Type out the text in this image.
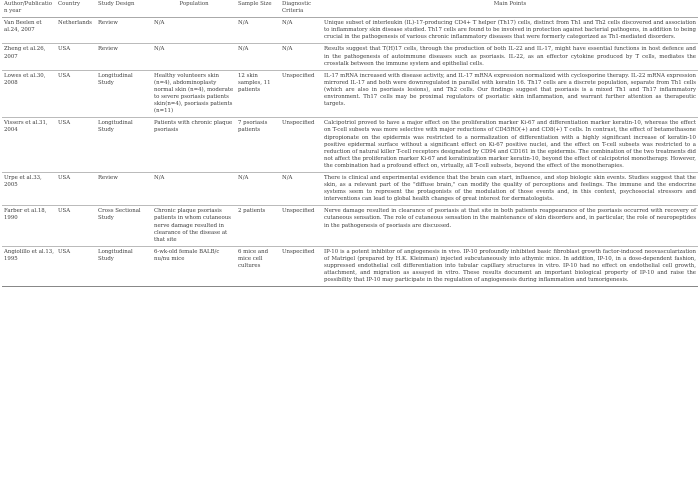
Author/Publication year	Country	Study Design	Population	Sample Size	Diagnostic Criteria	Main Points
Van Beelen et al.24, 2007	Netherlands	Review	N/A	N/A	N/A	Unique subset of interleukin (IL)-17-producing CD4+ T helper (Th17) cells, distinct from Th1 and Th2 cells discovered and association to inflammatory skin disease studied. Th17 cells are found to be involved in protection against bacterial pathogens, in addition to being crucial in the pathogenesis of various chronic inflammatory diseases that were formerly categorized as Th1-mediated disorders.
Zheng et al.26, 2007	USA	Review	N/A	N/A	N/A	Results suggest that T(H)17 cells, through the production of both IL-22 and IL-17, might have essential functions in host defence and in the pathogenesis of autoimmune diseases such as psoriasis. IL-22, as an effector cytokine produced by T cells, mediates the crosstalk between the immune system and epithelial cells.
Lowes et al.30, 2008	USA	Longitudinal Study	Healthy volunteers skin (n=4), abdominoplasty normal skin (n=4), moderate to severe psoriasis patients skin(n=4), psoriasis patients (n=11)	12 skin samples, 11 patients	Unspecified	IL-17 mRNA increased with disease activity, and IL-17 mRNA expression normalized with cyclosporine therapy. IL-22 mRNA expression mirrored IL-17 and both were downregulated in parallel with keratin 16. Th17 cells are a discrete population, separate from Th1 cells (which are also in psoriasis lesions), and Th2 cells. Our findings suggest that psoriasis is a mixed Th1 and Th17 inflammatory environment. Th17 cells may be proximal regulators of psoriatic skin inflammation, and warrant further attention as therapeutic targets.
Vissers et al.31, 2004	USA	Longitudinal Study	Patients with chronic plaque psoriasis	7 psoriasis patients	Unspecified	Calcipotriol proved to have a major effect on the proliferation marker Ki-67 and differentiation marker keratin-10, whereas the effect on T-cell subsets was more selective with major reductions of CD45RO(+) and CD8(+) T cells. In contrast, the effect of betamethasone dipropionate on the epidermis was restricted to a normalization of differentiation with a highly significant increase of keratin-10 positive epidermal surface without a significant effect on Ki-67 positive nuclei, and the effect on T-cell subsets was restricted to a reduction of natural killer T-cell receptors designated by CD94 and CD161 in the epidermis. The combination of the two treatments did not affect the proliferation marker Ki-67 and keratinization marker keratin-10, beyond the effect of calcipotriol monotherapy. However, the combination had a profound effect on, virtually, all T-cell subsets, beyond the effect of the monotherapies.
Urpe et al.33, 2005	USA	Review	N/A	N/A	N/A	There is clinical and experimental evidence that the brain can start, influence, and stop biologic skin events. Studies suggest that the skin, as a relevant part of the "diffuse brain," can modify the quality of perceptions and feelings. The immune and the endocrine systems seem to represent the protagonists of the modulation of those events and, in this context, psychosocial stressors and interventions can lead to global health changes of great interest for dermatologists.
Farber et al.18, 1990	USA	Cross Sectional Study	Chronic plaque psoriasis patients in whom cutaneous nerve damage resulted in clearance of the disease at that site	2 patients	Unspecified	Nerve damage resulted in clearance of psoriasis at that site in both patients reappearance of the psoriasis occurred with recovery of cutaneous sensation. The role of cutaneous sensation in the maintenance of skin disorders and, in particular, the role of neuropeptides in the pathogenesis of psoriasis are discussed.
Angiolillo et al.13, 1995	USA	Longitudinal Study	6-wk-old female BALB/c nu/nu mice	6 mice and mice cell cultures	Unspecified	IP-10 is a potent inhibitor of angiogenesis in vivo. IP-10 profoundly inhibited basic fibroblast growth factor-induced neovascularization of Matrigel (prepared by H.K. Kleinman) injected subcutaneously into athymic mice. In addition, IP-10, in a dose-dependent fashion, suppressed endothelial cell differentiation into tubular capillary structures in vitro. IP-10 had no effect on endothelial cell growth, attachment, and migration as assayed in vitro. These results document an important biological property of IP-10 and raise the possibility that IP-10 may participate in the regulation of angiogenesis during inflammation and tumorigenesis.
